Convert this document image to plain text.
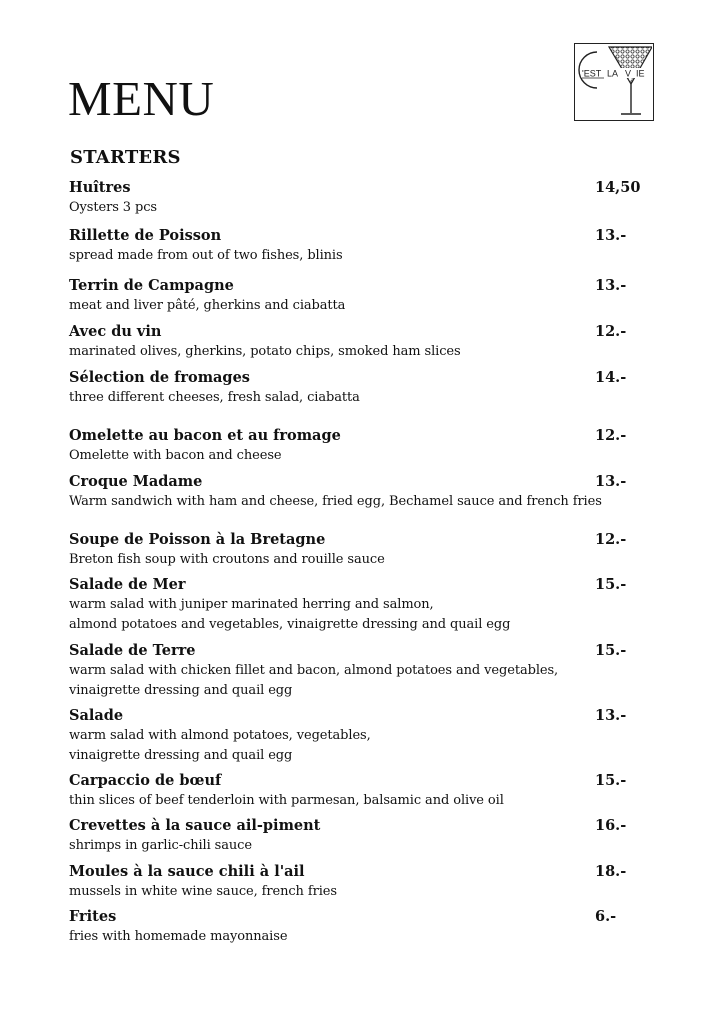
'EST LA V IE
MENU
STARTERS
Huîtres	14,50
Oysters 3 pcs
Rillette de Poisson	13.-
spread made from out of two fishes, blinis
Terrin de Campagne	13.-
meat and liver pâté, gherkins and ciabatta
Avec du vin	12.-
marinated olives, gherkins, potato chips, smoked ham slices
Sélection de fromages	14.-
three different cheeses, fresh salad, ciabatta
Omelette au bacon et au fromage	12.-
Omelette with bacon and cheese
Croque Madame	13.-
Warm sandwich with ham and cheese, fried egg, Bechamel sauce and french fries
Soupe de Poisson à la Bretagne	12.-
Breton fish soup with croutons and rouille sauce
Salade de Mer	15.-
warm salad with juniper marinated herring and salmon,
almond potatoes and vegetables, vinaigrette dressing and quail egg
Salade de Terre	15.-
warm salad with chicken fillet and bacon, almond potatoes and vegetables,
vinaigrette dressing and quail egg
Salade	13.-
warm salad with almond potatoes, vegetables,
vinaigrette dressing and quail egg
Carpaccio de bœuf	15.-
thin slices of beef tenderloin with parmesan, balsamic and olive oil
Crevettes à la sauce ail-piment	16.-
shrimps in garlic-chili sauce
Moules à la sauce chili à l'ail	18.-
mussels in white wine sauce, french fries
Frites	6.-
fries with homemade mayonnaise
